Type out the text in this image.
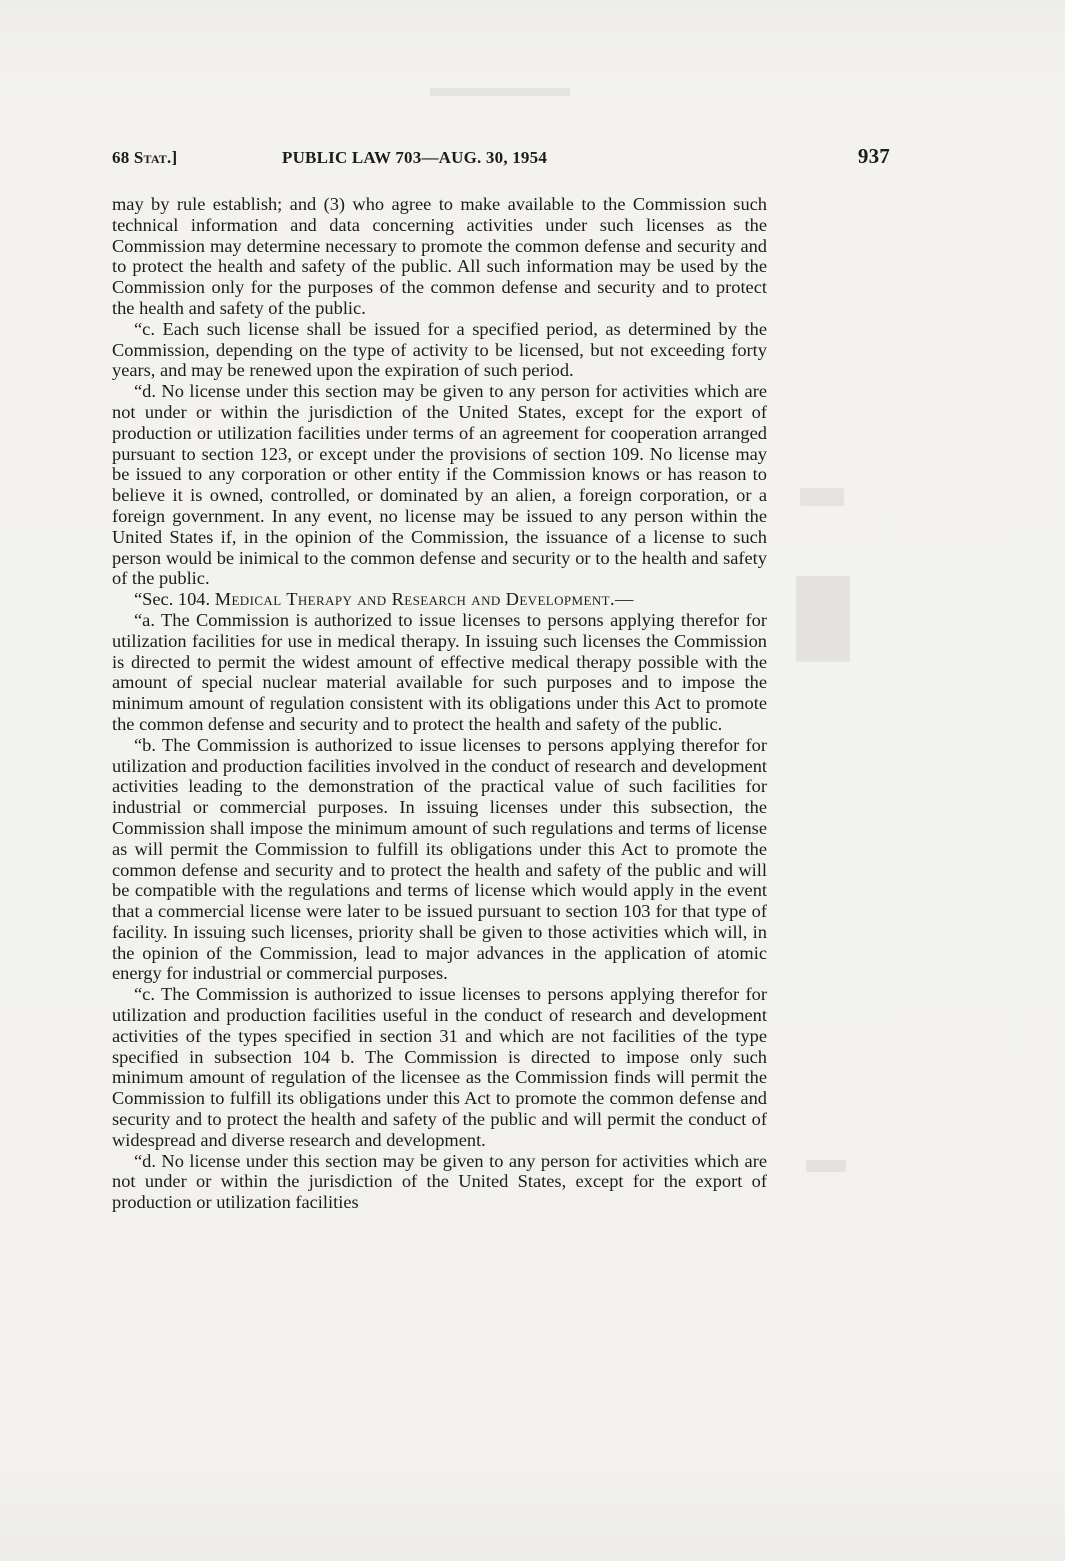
68 Stat.]	PUBLIC LAW 703—AUG. 30, 1954	937

may by rule establish; and (3) who agree to make available to the Commission such technical information and data concerning activities under such licenses as the Commission may determine necessary to promote the common defense and security and to protect the health and safety of the public. All such information may be used by the Commission only for the purposes of the common defense and security and to protect the health and safety of the public.

“c. Each such license shall be issued for a specified period, as determined by the Commission, depending on the type of activity to be licensed, but not exceeding forty years, and may be renewed upon the expiration of such period.

“d. No license under this section may be given to any person for activities which are not under or within the jurisdiction of the United States, except for the export of production or utilization facilities under terms of an agreement for cooperation arranged pursuant to section 123, or except under the provisions of section 109. No license may be issued to any corporation or other entity if the Commission knows or has reason to believe it is owned, controlled, or dominated by an alien, a foreign corporation, or a foreign government. In any event, no license may be issued to any person within the United States if, in the opinion of the Commission, the issuance of a license to such person would be inimical to the common defense and security or to the health and safety of the public.

“Sec. 104. Medical Therapy and Research and Development.—

“a. The Commission is authorized to issue licenses to persons applying therefor for utilization facilities for use in medical therapy. In issuing such licenses the Commission is directed to permit the widest amount of effective medical therapy possible with the amount of special nuclear material available for such purposes and to impose the minimum amount of regulation consistent with its obligations under this Act to promote the common defense and security and to protect the health and safety of the public.

“b. The Commission is authorized to issue licenses to persons applying therefor for utilization and production facilities involved in the conduct of research and development activities leading to the demonstration of the practical value of such facilities for industrial or commercial purposes. In issuing licenses under this subsection, the Commission shall impose the minimum amount of such regulations and terms of license as will permit the Commission to fulfill its obligations under this Act to promote the common defense and security and to protect the health and safety of the public and will be compatible with the regulations and terms of license which would apply in the event that a commercial license were later to be issued pursuant to section 103 for that type of facility. In issuing such licenses, priority shall be given to those activities which will, in the opinion of the Commission, lead to major advances in the application of atomic energy for industrial or commercial purposes.

“c. The Commission is authorized to issue licenses to persons applying therefor for utilization and production facilities useful in the conduct of research and development activities of the types specified in section 31 and which are not facilities of the type specified in subsection 104 b. The Commission is directed to impose only such minimum amount of regulation of the licensee as the Commission finds will permit the Commission to fulfill its obligations under this Act to promote the common defense and security and to protect the health and safety of the public and will permit the conduct of widespread and diverse research and development.

“d. No license under this section may be given to any person for activities which are not under or within the jurisdiction of the United States, except for the export of production or utilization facilities
